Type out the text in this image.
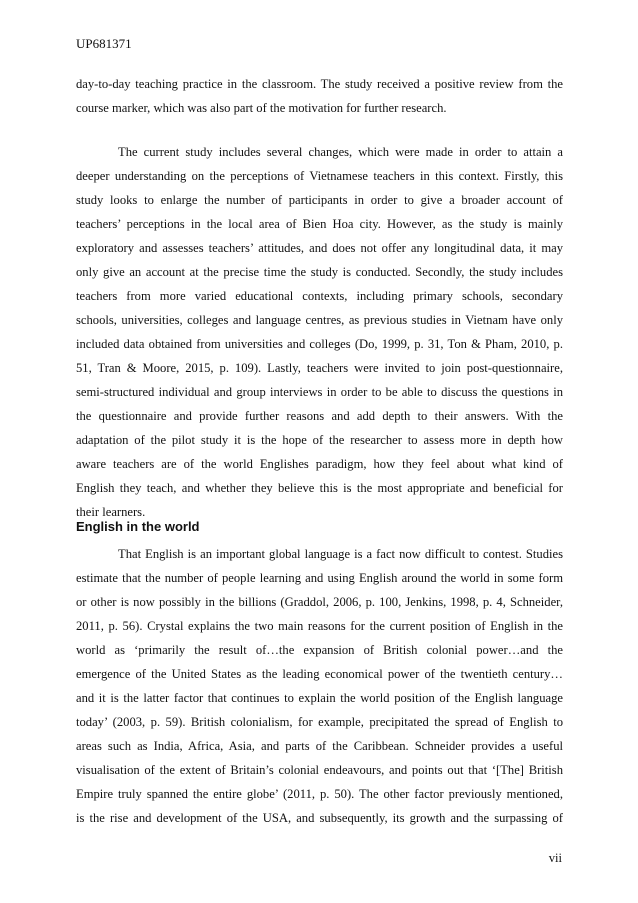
UP681371
day-to-day teaching practice in the classroom. The study received a positive review from the
course marker, which was also part of the motivation for further research.
The current study includes several changes, which were made in order to attain a
deeper understanding on the perceptions of Vietnamese teachers in this context. Firstly, this
study looks to enlarge the number of participants in order to give a broader account of
teachers’ perceptions in the local area of Bien Hoa city. However, as the study is mainly
exploratory and assesses teachers’ attitudes, and does not offer any longitudinal data, it may
only give an account at the precise time the study is conducted. Secondly, the study includes
teachers from more varied educational contexts, including primary schools, secondary
schools, universities, colleges and language centres, as previous studies in Vietnam have only
included data obtained from universities and colleges (Do, 1999, p. 31, Ton & Pham, 2010, p.
51, Tran & Moore, 2015, p. 109). Lastly, teachers were invited to join post-questionnaire,
semi-structured individual and group interviews in order to be able to discuss the questions in
the questionnaire and provide further reasons and add depth to their answers. With the
adaptation of the pilot study it is the hope of the researcher to assess more in depth how
aware teachers are of the world Englishes paradigm, how they feel about what kind of
English they teach, and whether they believe this is the most appropriate and beneficial for
their learners.
English in the world
That English is an important global language is a fact now difficult to contest. Studies
estimate that the number of people learning and using English around the world in some form
or other is now possibly in the billions (Graddol, 2006, p. 100, Jenkins, 1998, p. 4, Schneider,
2011, p. 56). Crystal explains the two main reasons for the current position of English in the
world as ‘primarily the result of…the expansion of British colonial power…and the
emergence of the United States as the leading economical power of the twentieth century…
and it is the latter factor that continues to explain the world position of the English language
today’ (2003, p. 59). British colonialism, for example, precipitated the spread of English to
areas such as India, Africa, Asia, and parts of the Caribbean. Schneider provides a useful
visualisation of the extent of Britain’s colonial endeavours, and points out that ‘[The] British
Empire truly spanned the entire globe’ (2011, p. 50). The other factor previously mentioned,
is the rise and development of the USA, and subsequently, its growth and the surpassing of
vii
